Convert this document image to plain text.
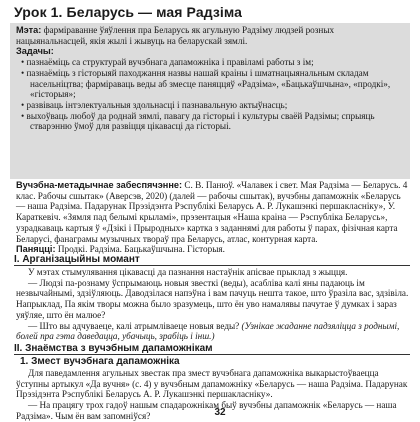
Урок 1. Беларусь — мая Радзіма

Мэта: фарміраванне ўяўлення пра Беларусь як агульную Радзіму людзей розных нацыянальнасцей, якія жылі і жывуць на беларускай зямлі.

Задачы:

• пазнаёміць са структурай вучэбнага дапаможніка і правіламі работы з ім;

• пазнаёміць з гісторыяй паходжання назвы нашай краіны і шматнацыянальным складам насельніцтва; фарміраваць веды аб змесце паняццяў «Радзіма», «Бацькаўшчына», «продкі», «гісторыя»;

• развіваць інтэлектуальныя здольнасці і пазнавальную актыўнасць;

• выхоўваць любоў да роднай зямлі, павагу да гісторыі і культуры сваёй Радзімы; спрыяць стварэнню ўмоў для развіцця цікавасці да гісторыі.

Вучэбна-метадычнае забеспячэнне: С. В. Панюў. «Чалавек і свет. Мая Радзіма — Беларусь. 4 клас. Рабочы сшытак» (Аверсэв, 2020) (далей — рабочы сшытак), вучэбны дапаможнік «Беларусь — наша Радзіма. Падарунак Прэзідэнта Рэспублікі Беларусь А. Р. Лукашэнкі першакласніку», У. Караткевіч. «Зямля пад белымі крыламі», прэзентацыя «Наша краіна — Рэспубліка Беларусь», узрадкаваць картыя ў «Дзікі і Прыродных» картка з заданнямі для работы ў парах, фізічная карта Беларусі, фанаграмы музычных твораў пра Беларусь, атлас, контурная карта.

Паняцці: Продкі. Радзіма. Бацькаўшчына. Гісторыя.

I. Арганізацыйны момант

У мэтах стымулявання цікавасці да пазнання настаўнік апісвае прыклад з жыцця.

— Людзі па-рознаму ўспрымаюць новыя звесткі (веды), асабліва калі яны падаюць ім незвычайнымі, здзіўляюць. Даводзілася напэўна і вам пачуць нешта такое, што ўразіла вас, здзівіла. Напрыклад, Па якім творы можна было зразумець, што ён уво намалявы пачутае ў думках і зараз уяўляе, што ён малюе?

— Што вы адчуваеце, калі атрымліваеце новыя веды? (Узнікае жаданне падзяліцца з роднымі, болей пра гэта даведацца, убачыць, зрабіць і інш.)

II. Знаёмства з вучэбным дапаможнікам
1. Змест вучэбнага дапаможніка

Для паведамлення агульных звестак пра змест вучэбнага дапаможніка выкарыстоўваецца ўступны артыкул «Да вучня» (с. 4) у вучэбным дапаможніку «Беларусь — наша Радзіма. Падарунак Прэзідэнта Рэспублікі Беларусь А. Р. Лукашэнкі першакласніку».

— На працягу трох гадоў нашым спадарожнікам быў вучэбны дапаможнік «Беларусь — наша Радзіма». Чым ён вам запомніўся?	32
